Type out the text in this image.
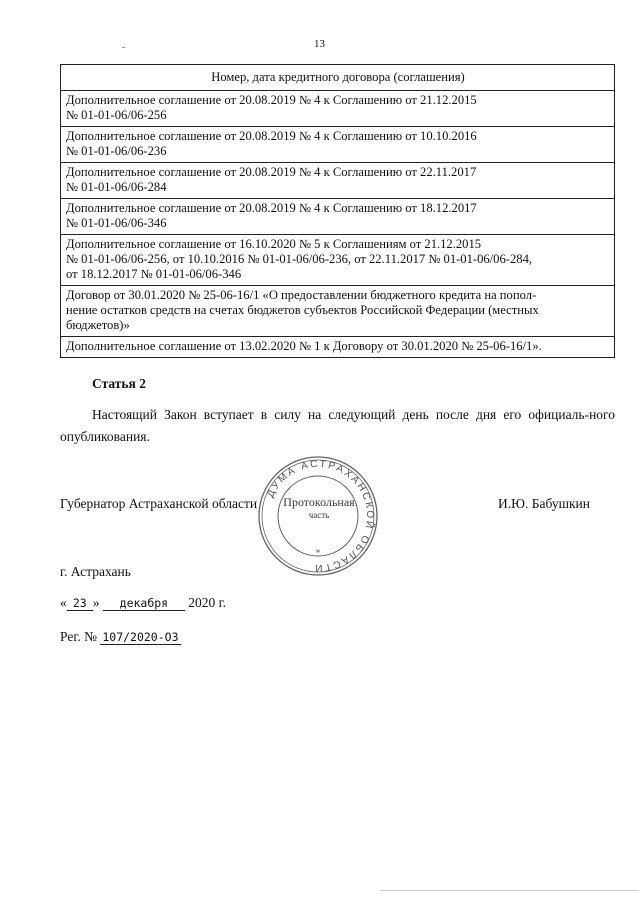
13
Номер, дата кредитного договора (соглашения)

Дополнительное соглашение от 20.08.2019 № 4 к Соглашению от 21.12.2015
№ 01-01-06/06-256

Дополнительное соглашение от 20.08.2019 № 4 к Соглашению от 10.10.2016
№ 01-01-06/06-236

Дополнительное соглашение от 20.08.2019 № 4 к Соглашению от 22.11.2017
№ 01-01-06/06-284

Дополнительное соглашение от 20.08.2019 № 4 к Соглашению от 18.12.2017
№ 01-01-06/06-346

Дополнительное соглашение от 16.10.2020 № 5 к Соглашениям от 21.12.2015
№ 01-01-06/06-256, от 10.10.2016 № 01-01-06/06-236, от 22.11.2017 № 01-01-06/06-284,
от 18.12.2017 № 01-01-06/06-346

Договор от 30.01.2020 № 25-06-16/1 «О предоставлении бюджетного кредита на попол-
нение остатков средств на счетах бюджетов субъектов Российской Федерации (местных
бюджетов)»

Дополнительное соглашение от 13.02.2020 № 1 к Договору от 30.01.2020 № 25-06-16/1».
Статья 2
Настоящий Закон вступает в силу на следующий день после дня его официаль-ного опубликования.
Губернатор Астраханской области	И.Ю. Бабушкин
ДУМА АСТРАХАНСКОЙ ОБЛАСТИ
*
Протокольная
часть
г. Астрахань
« 23 » декабря 2020 г.
Рег. № 107/2020-ОЗ
